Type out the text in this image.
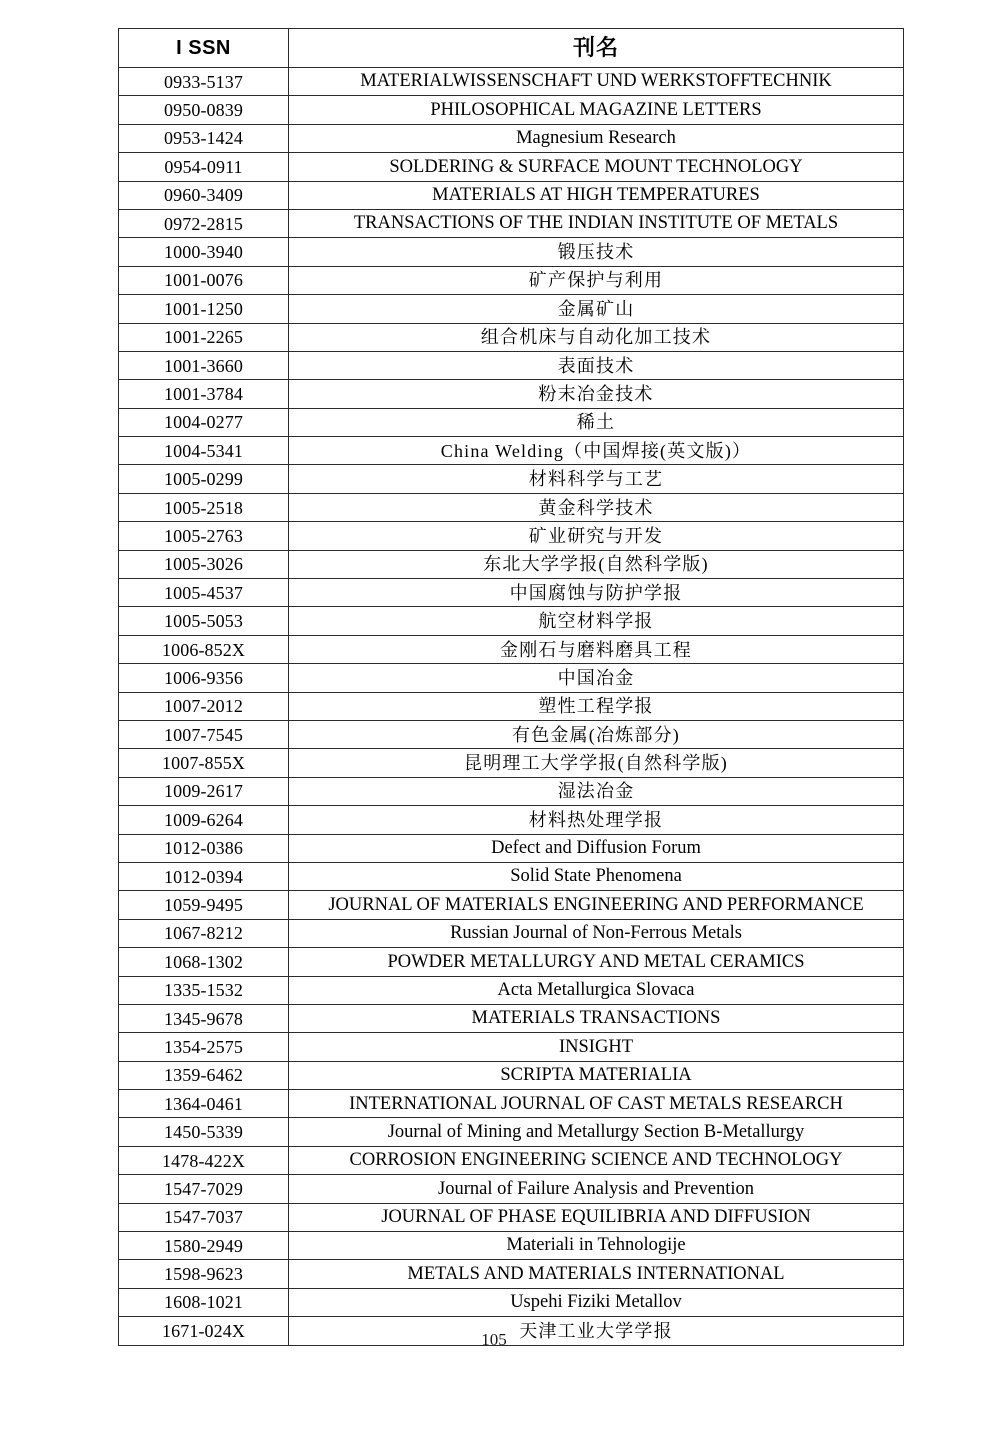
I SSN	刊名
0933-5137	MATERIALWISSENSCHAFT UND WERKSTOFFTECHNIK
0950-0839	PHILOSOPHICAL MAGAZINE LETTERS
0953-1424	Magnesium Research
0954-0911	SOLDERING & SURFACE MOUNT TECHNOLOGY
0960-3409	MATERIALS AT HIGH TEMPERATURES
0972-2815	TRANSACTIONS OF THE INDIAN INSTITUTE OF METALS
1000-3940	锻压技术
1001-0076	矿产保护与利用
1001-1250	金属矿山
1001-2265	组合机床与自动化加工技术
1001-3660	表面技术
1001-3784	粉末冶金技术
1004-0277	稀土
1004-5341	China Welding（中国焊接(英文版)）
1005-0299	材料科学与工艺
1005-2518	黄金科学技术
1005-2763	矿业研究与开发
1005-3026	东北大学学报(自然科学版)
1005-4537	中国腐蚀与防护学报
1005-5053	航空材料学报
1006-852X	金刚石与磨料磨具工程
1006-9356	中国冶金
1007-2012	塑性工程学报
1007-7545	有色金属(冶炼部分)
1007-855X	昆明理工大学学报(自然科学版)
1009-2617	湿法冶金
1009-6264	材料热处理学报
1012-0386	Defect and Diffusion Forum
1012-0394	Solid State Phenomena
1059-9495	JOURNAL OF MATERIALS ENGINEERING AND PERFORMANCE
1067-8212	Russian Journal of Non-Ferrous Metals
1068-1302	POWDER METALLURGY AND METAL CERAMICS
1335-1532	Acta Metallurgica Slovaca
1345-9678	MATERIALS TRANSACTIONS
1354-2575	INSIGHT
1359-6462	SCRIPTA MATERIALIA
1364-0461	INTERNATIONAL JOURNAL OF CAST METALS RESEARCH
1450-5339	Journal of Mining and Metallurgy Section B-Metallurgy
1478-422X	CORROSION ENGINEERING SCIENCE AND TECHNOLOGY
1547-7029	Journal of Failure Analysis and Prevention
1547-7037	JOURNAL OF PHASE EQUILIBRIA AND DIFFUSION
1580-2949	Materiali in Tehnologije
1598-9623	METALS AND MATERIALS INTERNATIONAL
1608-1021	Uspehi Fiziki Metallov
1671-024X	天津工业大学学报
105
